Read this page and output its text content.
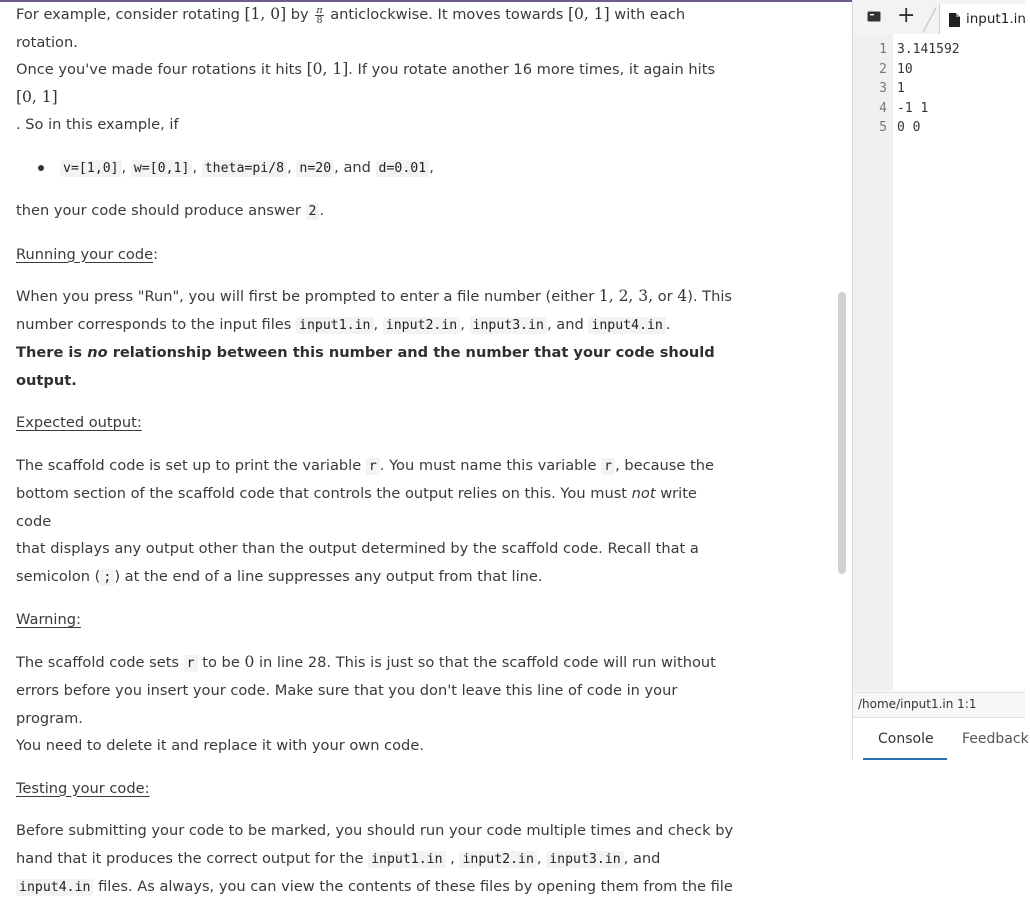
For example, consider rotating [1, 0] by $\frac{\pi}{8}$ anticlockwise. It moves towards [0, 1] with each rotation.

Once you've made four rotations it hits [0, 1]. If you rotate another 16 more times, it again hits [0, 1]

. So in this example, if

v=[1,0] , w=[0,1] , theta=pi/8 , n=20 , and d=0.01 ,

then your code should produce answer 2 .

Running your code:

When you press "Run", you will first be prompted to enter a file number (either 1, 2, 3, or 4). This

number corresponds to the input files input1.in , input2.in , input3.in , and input4.in .

There is no relationship between this number and the number that your code should output.

Expected output:

The scaffold code is set up to print the variable r . You must name this variable r , because the

bottom section of the scaffold code that controls the output relies on this. You must not write code

that displays any output other than the output determined by the scaffold code. Recall that a

semicolon ( ; ) at the end of a line suppresses any output from that line.

Warning:

The scaffold code sets r to be 0 in line 28. This is just so that the scaffold code will run without

errors before you insert your code. Make sure that you don't leave this line of code in your program.

You need to delete it and replace it with your own code.

Testing your code:

Before submitting your code to be marked, you should run your code multiple times and check by

hand that it produces the correct output for the input1.in , input2.in , input3.in , and

input4.in files. As always, you can view the contents of these files by opening them from the file

+	input1.in
1 3.141592
2 10
3 1
4 -1 1
5 0 0
/home/input1.in 1:1
Console Feedback
